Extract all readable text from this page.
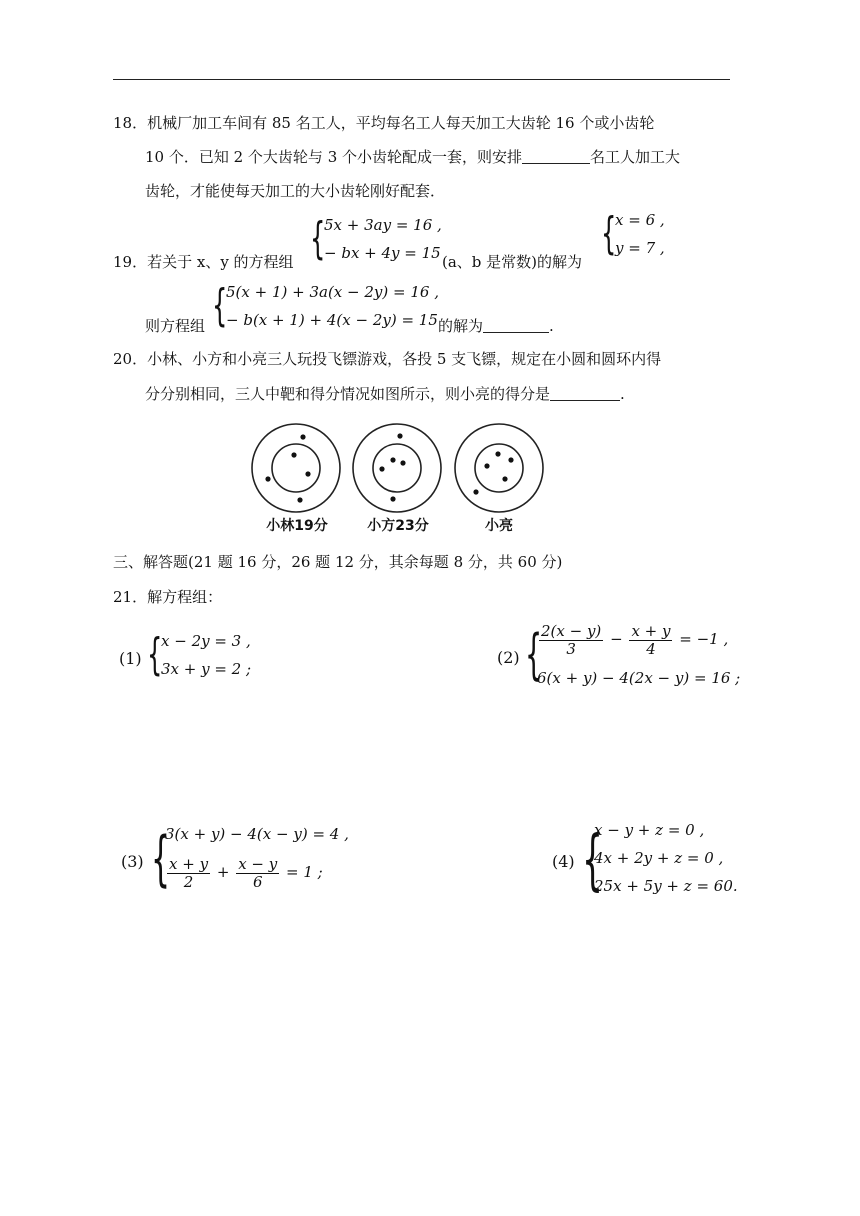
18．机械厂加工车间有 85 名工人，平均每名工人每天加工大齿轮 16 个或小齿轮
10 个．已知 2 个大齿轮与 3 个小齿轮配成一套，则安排	名工人加工大
齿轮，才能使每天加工的大小齿轮刚好配套．
19．若关于 x、y 的方程组 {
5x + 3ay = 16 ,
− bx + 4y = 15 (a、b 是常数)的解为
{
x = 6 ,
y = 7 ,
则方程组 {
5(x + 1) + 3a(x − 2y) = 16 ,
− b(x + 1) + 4(x − 2y) = 15 的解为	.
20．小林、小方和小亮三人玩投飞镖游戏，各投 5 支飞镖，规定在小圆和圆环内得
分分别相同，三人中靶和得分情况如图所示，则小亮的得分是	.
小林19分	小方23分	小亮
三、解答题(21 题 16 分，26 题 12 分，其余每题 8 分，共 60 分)
21．解方程组：
(1) {
x − 2y = 3 ,
3x + y = 2 ;
(2) {
$\frac{2(x - y)}{3} - \frac{x + y}{4} = -1$ ,
6(x + y) − 4(2x − y) = 16 ;
(3) {
3(x + y) − 4(x − y) = 4 ,
$\frac{x + y}{2} + \frac{x - y}{6} = 1$ ;
(4) {
x − y + z = 0 ,
4x + 2y + z = 0 ,
25x + 5y + z = 60.
